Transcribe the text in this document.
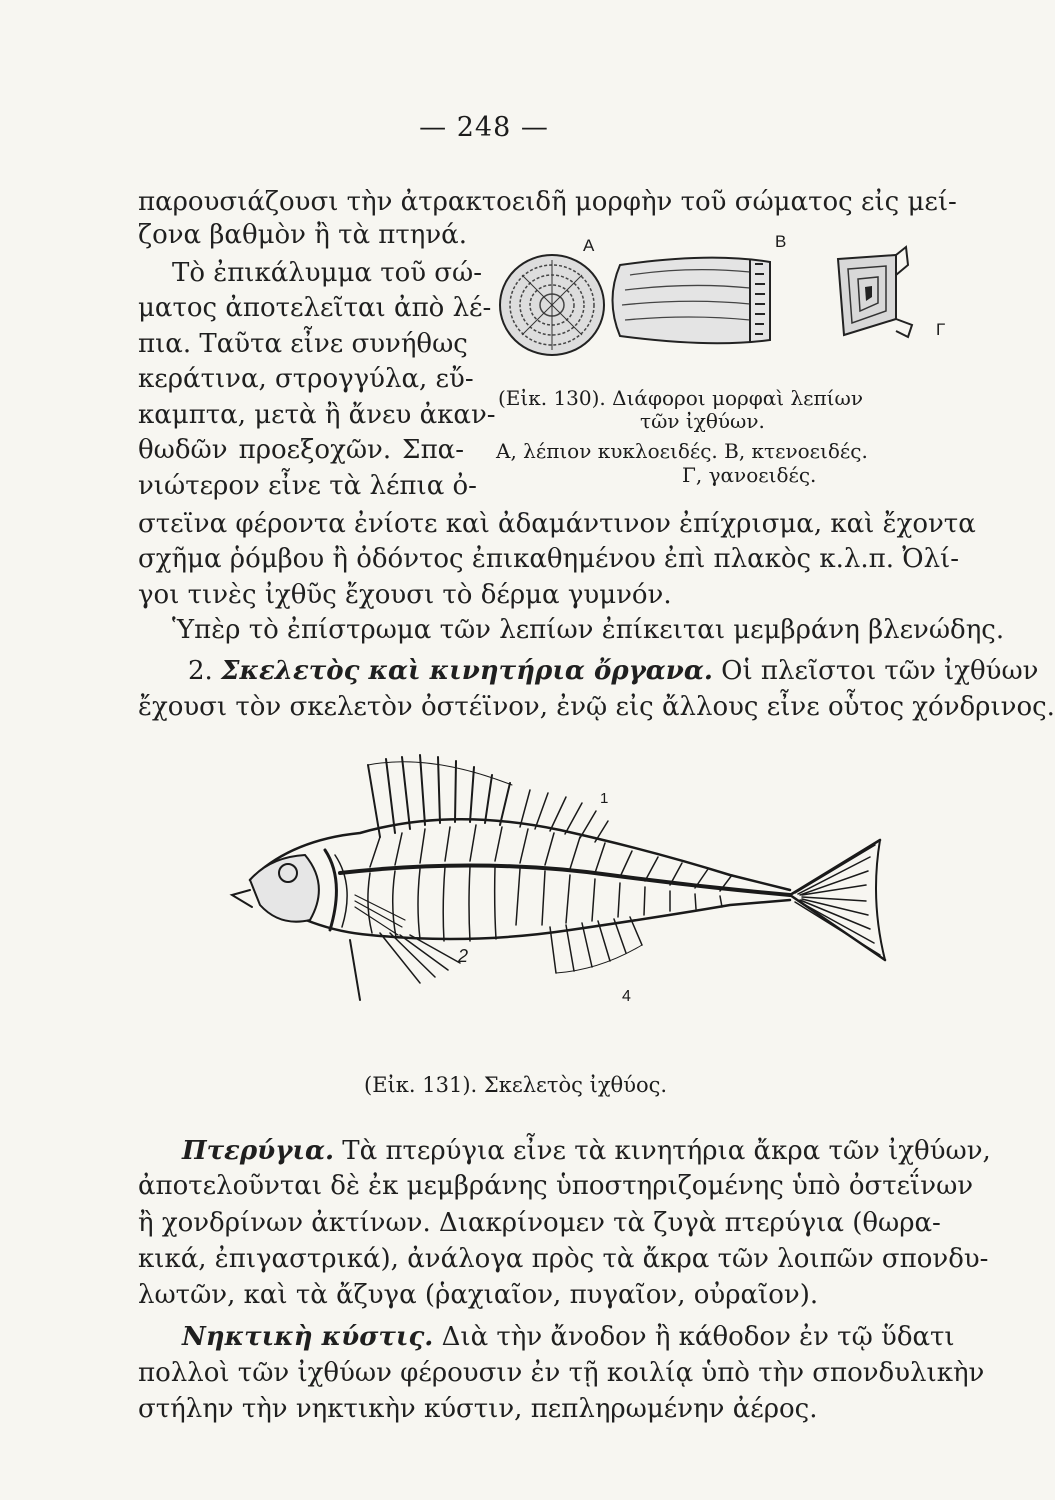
— 248 —
παρουσιάζουσι τὴν ἀτρακτοειδῆ μορφὴν τοῦ σώματος εἰς μεί-
ζονα βαθμὸν ἢ τὰ πτηνά.
Τὸ ἐπικάλυμμα τοῦ σώ-
ματος ἀποτελεῖται ἀπὸ λέ-
πια. Ταῦτα εἶνε συνήθως
κεράτινα, στρογγύλα, εὔ-
καμπτα, μετὰ ἢ ἄνευ ἀκαν-
θωδῶν προεξοχῶν. Σπα-
νιώτερον εἶνε τὰ λέπια ὀ-
A	B
Γ
(Εἰκ. 130). Διάφοροι μορφαὶ λεπίων
τῶν ἰχθύων.
Α, λέπιον κυκλοειδές. Β, κτενοειδές.
Γ, γανοειδές.
στεϊνα φέροντα ἐνίοτε καὶ ἀδαμάντινον ἐπίχρισμα, καὶ ἔχοντα
σχῆμα ῥόμβου ἢ ὀδόντος ἐπικαθημένου ἐπὶ πλακὸς κ.λ.π. Ὀλί-
γοι τινὲς ἰχθῦς ἔχουσι τὸ δέρμα γυμνόν.
Ὑπὲρ τὸ ἐπίστρωμα τῶν λεπίων ἐπίκειται μεμβράνη βλενώδης.
2. Σκελετὸς καὶ κινητήρια ὄργανα. Οἱ πλεῖστοι τῶν ἰχθύων
ἔχουσι τὸν σκελετὸν ὀστέϊνον, ἐνῷ εἰς ἄλλους εἶνε οὗτος χόνδρινος.
1
2
4
(Εἰκ. 131). Σκελετὸς ἰχθύος.
Πτερύγια. Τὰ πτερύγια εἶνε τὰ κινητήρια ἄκρα τῶν ἰχθύων,
ἀποτελοῦνται δὲ ἐκ μεμβράνης ὑποστηριζομένης ὑπὸ ὀστεΐνων
ἢ χονδρίνων ἀκτίνων. Διακρίνομεν τὰ ζυγὰ πτερύγια (θωρα-
κικά, ἐπιγαστρικά), ἀνάλογα πρὸς τὰ ἄκρα τῶν λοιπῶν σπονδυ-
λωτῶν, καὶ τὰ ἄζυγα (ῥαχιαῖον, πυγαῖον, οὐραῖον).
Νηκτικὴ κύστις. Διὰ τὴν ἄνοδον ἢ κάθοδον ἐν τῷ ὕδατι
πολλοὶ τῶν ἰχθύων φέρουσιν ἐν τῇ κοιλίᾳ ὑπὸ τὴν σπονδυλικὴν
στήλην τὴν νηκτικὴν κύστιν, πεπληρωμένην ἀέρος.
